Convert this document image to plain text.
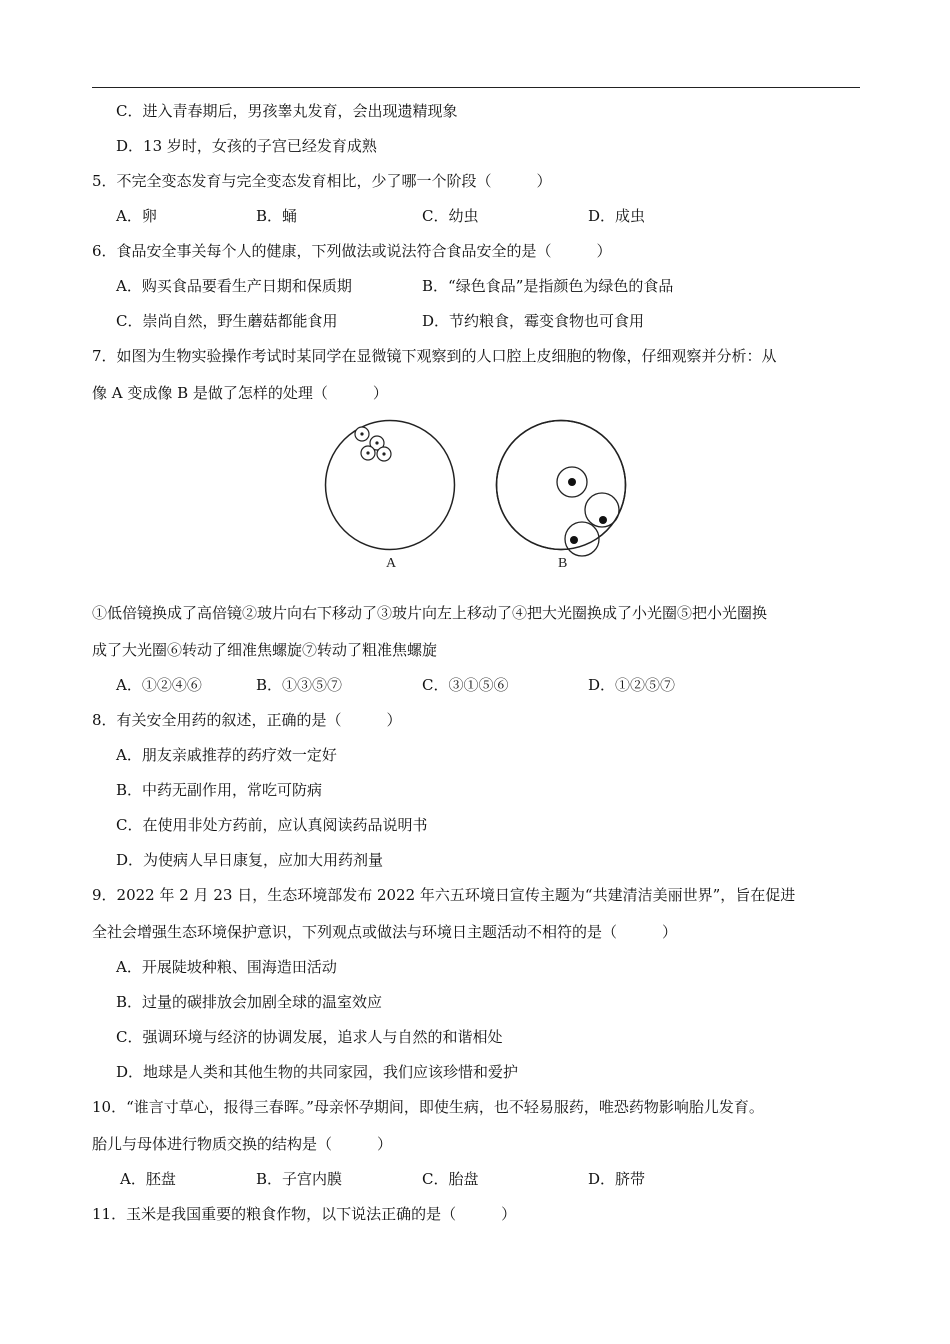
C．进入青春期后，男孩睾丸发育，会出现遗精现象
D．13 岁时，女孩的子宫已经发育成熟
5．不完全变态发育与完全变态发育相比，少了哪一个阶段（　　　）
A．卵	B．蛹	C．幼虫	D．成虫
6．食品安全事关每个人的健康，下列做法或说法符合食品安全的是（　　　）
A．购买食品要看生产日期和保质期	B．“绿色食品”是指颜色为绿色的食品
C．崇尚自然，野生蘑菇都能食用	D．节约粮食，霉变食物也可食用
7．如图为生物实验操作考试时某同学在显微镜下观察到的人口腔上皮细胞的物像，仔细观察并分析：从
像 A 变成像 B 是做了怎样的处理（　　　）
A	B
①低倍镜换成了高倍镜②玻片向右下移动了③玻片向左上移动了④把大光圈换成了小光圈⑤把小光圈换
成了大光圈⑥转动了细准焦螺旋⑦转动了粗准焦螺旋
A．①②④⑥	B．①③⑤⑦	C．③①⑤⑥	D．①②⑤⑦
8．有关安全用药的叙述，正确的是（　　　）
A．朋友亲戚推荐的药疗效一定好
B．中药无副作用，常吃可防病
C．在使用非处方药前，应认真阅读药品说明书
D．为使病人早日康复，应加大用药剂量
9．2022 年 2 月 23 日，生态环境部发布 2022 年六五环境日宣传主题为“共建清洁美丽世界”，旨在促进
全社会增强生态环境保护意识，下列观点或做法与环境日主题活动不相符的是（　　　）
A．开展陡坡种粮、围海造田活动
B．过量的碳排放会加剧全球的温室效应
C．强调环境与经济的协调发展，追求人与自然的和谐相处
D．地球是人类和其他生物的共同家园，我们应该珍惜和爱护
10．“谁言寸草心，报得三春晖。”母亲怀孕期间，即使生病，也不轻易服药，唯恐药物影响胎儿发育。
胎儿与母体进行物质交换的结构是（　　　）
A．胚盘	B．子宫内膜	C．胎盘	D．脐带
11．玉米是我国重要的粮食作物，以下说法正确的是（　　　）
